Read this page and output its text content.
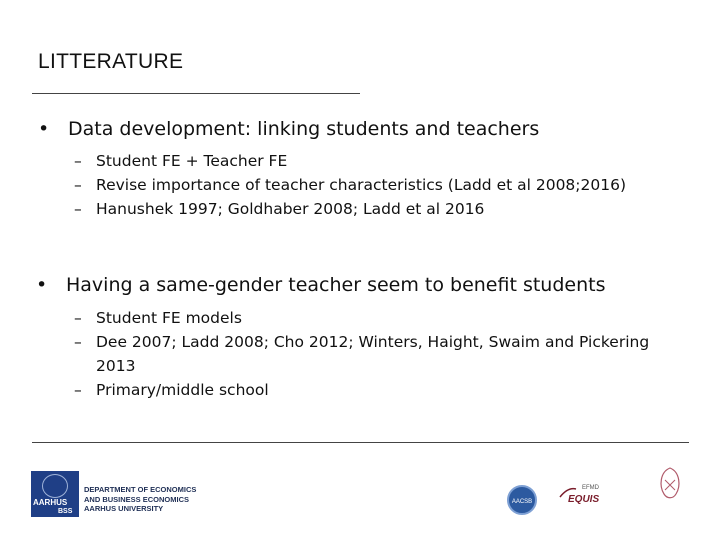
LITTERATURE
• Data development: linking students and teachers
– Student FE + Teacher FE
– Revise importance of teacher characteristics (Ladd et al 2008;2016)
– Hanushek 1997; Goldhaber 2008; Ladd et al 2016
• Having a same-gender teacher seem to benefit students
– Student FE models
– Dee 2007; Ladd 2008; Cho 2012; Winters, Haight, Swaim and Pickering 2013
– Primary/middle school
AARHUS
BSS
DEPARTMENT OF ECONOMICS
AND BUSINESS ECONOMICS
AARHUS UNIVERSITY
AACSB
EFMD
EQUIS
